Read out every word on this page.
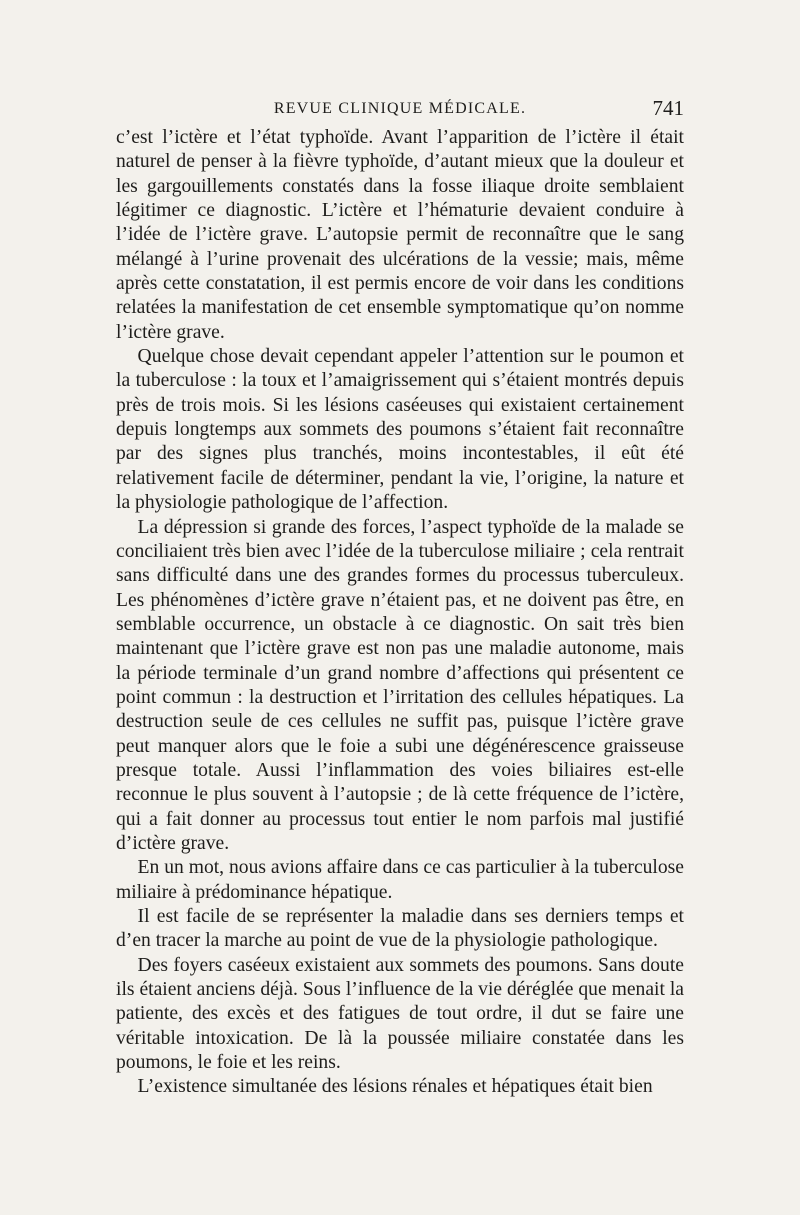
REVUE CLINIQUE MÉDICALE.	741

c’est l’ictère et l’état typhoïde. Avant l’apparition de l’ictère il était naturel de penser à la fièvre typhoïde, d’autant mieux que la douleur et les gargouillements constatés dans la fosse iliaque droite semblaient légitimer ce diagnostic. L’ictère et l’hématurie devaient conduire à l’idée de l’ictère grave. L’autopsie permit de reconnaître que le sang mélangé à l’urine provenait des ulcérations de la vessie; mais, même après cette constatation, il est permis encore de voir dans les conditions relatées la manifestation de cet ensemble symptomatique qu’on nomme l’ictère grave.

Quelque chose devait cependant appeler l’attention sur le poumon et la tuberculose : la toux et l’amaigrissement qui s’étaient montrés depuis près de trois mois. Si les lésions caséeuses qui existaient certainement depuis longtemps aux sommets des poumons s’étaient fait reconnaître par des signes plus tranchés, moins incontestables, il eût été relativement facile de déterminer, pendant la vie, l’origine, la nature et la physiologie pathologique de l’affection.

La dépression si grande des forces, l’aspect typhoïde de la malade se conciliaient très bien avec l’idée de la tuberculose miliaire ; cela rentrait sans difficulté dans une des grandes formes du processus tuberculeux. Les phénomènes d’ictère grave n’étaient pas, et ne doivent pas être, en semblable occurrence, un obstacle à ce diagnostic. On sait très bien maintenant que l’ictère grave est non pas une maladie autonome, mais la période terminale d’un grand nombre d’affections qui présentent ce point commun : la destruction et l’irritation des cellules hépatiques. La destruction seule de ces cellules ne suffit pas, puisque l’ictère grave peut manquer alors que le foie a subi une dégénérescence graisseuse presque totale. Aussi l’inflammation des voies biliaires est-elle reconnue le plus souvent à l’autopsie ; de là cette fréquence de l’ictère, qui a fait donner au processus tout entier le nom parfois mal justifié d’ictère grave.

En un mot, nous avions affaire dans ce cas particulier à la tuberculose miliaire à prédominance hépatique.

Il est facile de se représenter la maladie dans ses derniers temps et d’en tracer la marche au point de vue de la physiologie pathologique.

Des foyers caséeux existaient aux sommets des poumons. Sans doute ils étaient anciens déjà. Sous l’influence de la vie déréglée que menait la patiente, des excès et des fatigues de tout ordre, il dut se faire une véritable intoxication. De là la poussée miliaire constatée dans les poumons, le foie et les reins.

L’existence simultanée des lésions rénales et hépatiques était bien
